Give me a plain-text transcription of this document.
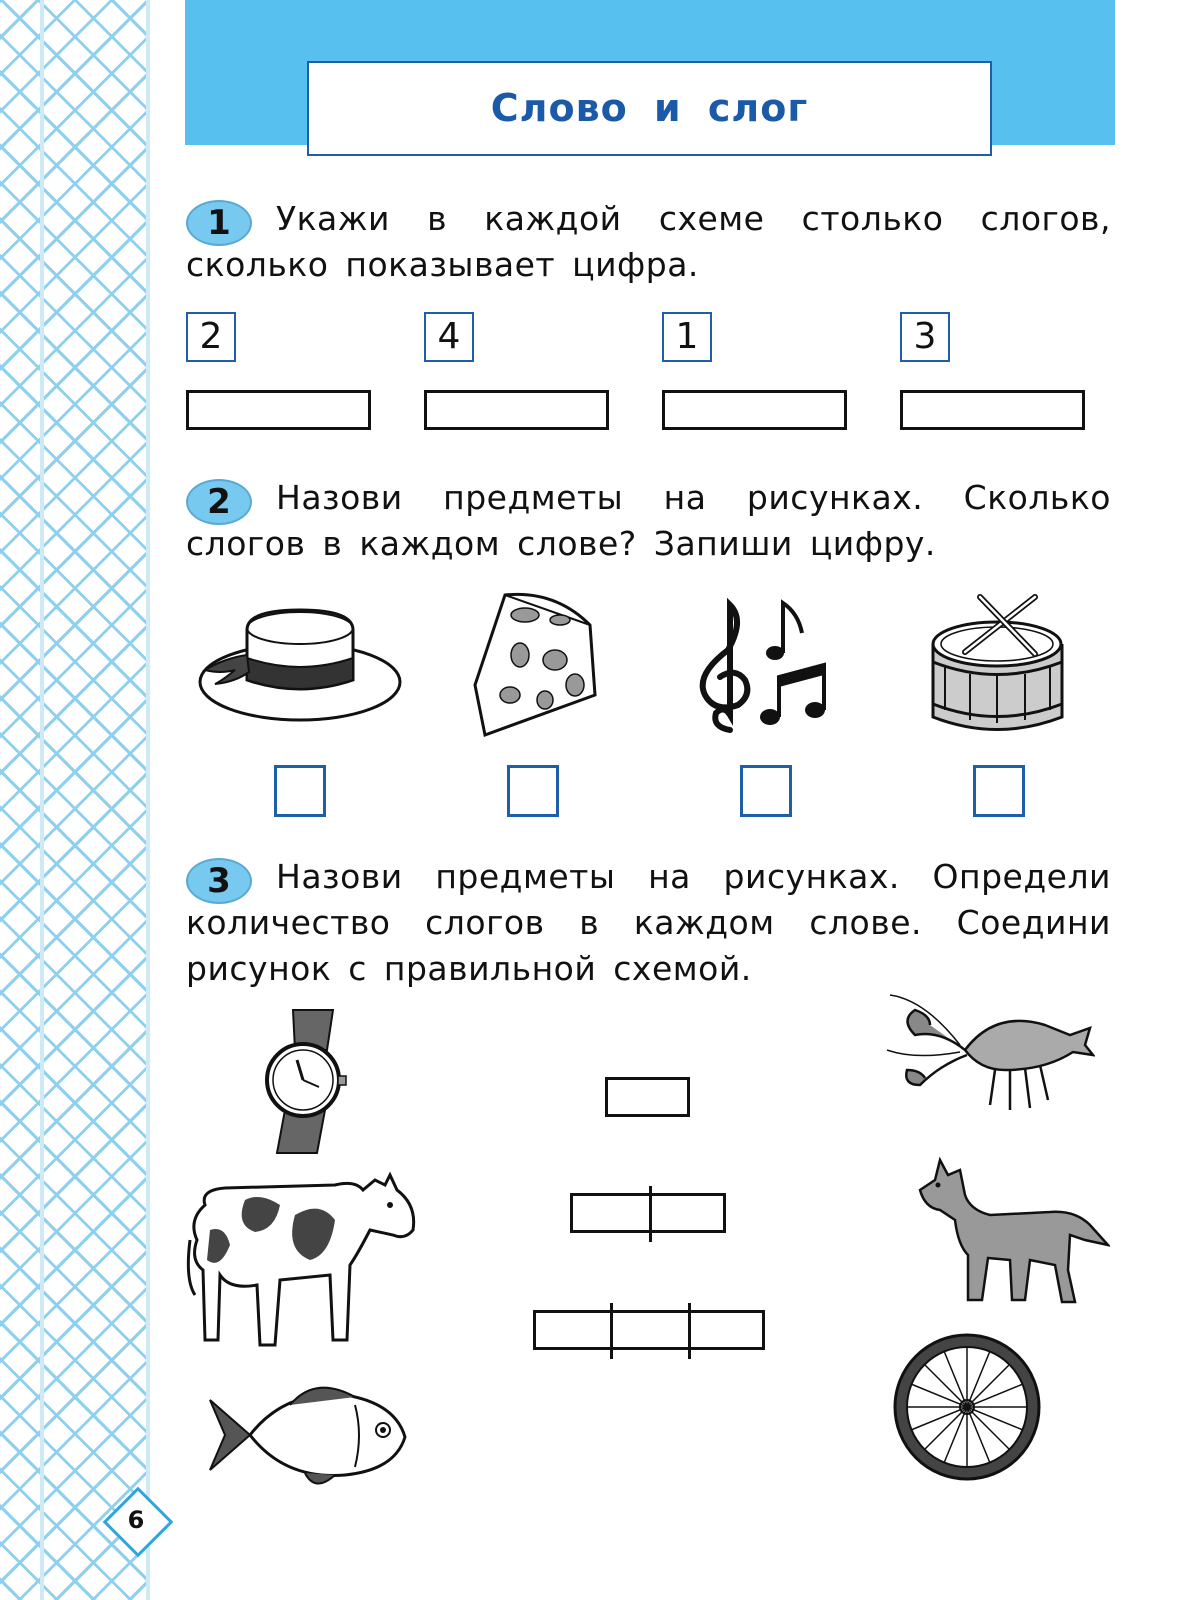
6
Слово и слог
1	Укажи в каждой схеме столько слогов, сколько показывает цифра.
2	4	1	3
2	Назови предметы на рисунках. Сколько слогов в каждом слове? Запиши цифру.
3	Назови предметы на рисунках. Определи количество слогов в каждом слове. Соедини рисунок с правильной схемой.
